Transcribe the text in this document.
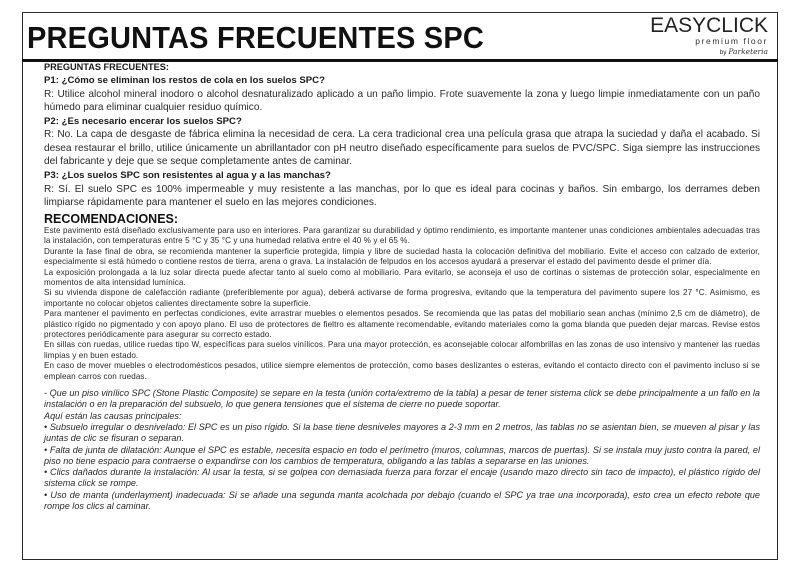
PREGUNTAS FRECUENTES SPC	EASYCLICK
premium floor
by Parketeria

PREGUNTAS FRECUENTES:

P1: ¿Cómo se eliminan los restos de cola en los suelos SPC?

R: Utilice alcohol mineral inodoro o alcohol desnaturalizado aplicado a un paño limpio. Frote suavemente la zona y luego limpie inmediatamente con un paño húmedo para eliminar cualquier residuo químico.

P2: ¿Es necesario encerar los suelos SPC?

R: No. La capa de desgaste de fábrica elimina la necesidad de cera. La cera tradicional crea una película grasa que atrapa la suciedad y daña el acabado. Si desea restaurar el brillo, utilice únicamente un abrillantador con pH neutro diseñado específicamente para suelos de PVC/SPC. Siga siempre las instrucciones del fabricante y deje que se seque completamente antes de caminar.

P3: ¿Los suelos SPC son resistentes al agua y a las manchas?

R: Sí. El suelo SPC es 100% impermeable y muy resistente a las manchas, por lo que es ideal para cocinas y baños. Sin embargo, los derrames deben limpiarse rápidamente para mantener el suelo en las mejores condiciones.

RECOMENDACIONES:

Este pavimento está diseñado exclusivamente para uso en interiores. Para garantizar su durabilidad y óptimo rendimiento, es importante mantener unas condiciones ambientales adecuadas tras la instalación, con temperaturas entre 5 °C y 35 °C y una humedad relativa entre el 40 % y el 65 %.

Durante la fase final de obra, se recomienda mantener la superficie protegida, limpia y libre de suciedad hasta la colocación definitiva del mobiliario. Evite el acceso con calzado de exterior, especialmente si está húmedo o contiene restos de tierra, arena o grava. La instalación de felpudos en los accesos ayudará a preservar el estado del pavimento desde el primer día.

La exposición prolongada a la luz solar directa puede afectar tanto al suelo como al mobiliario. Para evitarlo, se aconseja el uso de cortinas o sistemas de protección solar, especialmente en momentos de alta intensidad lumínica.

Si su vivienda dispone de calefacción radiante (preferiblemente por agua), deberá activarse de forma progresiva, evitando que la temperatura del pavimento supere los 27 °C. Asimismo, es importante no colocar objetos calientes directamente sobre la superficie.

Para mantener el pavimento en perfectas condiciones, evite arrastrar muebles o elementos pesados. Se recomienda que las patas del mobiliario sean anchas (mínimo 2,5 cm de diámetro), de plástico rígido no pigmentado y con apoyo plano. El uso de protectores de fieltro es altamente recomendable, evitando materiales como la goma blanda que pueden dejar marcas. Revise estos protectores periódicamente para asegurar su correcto estado.

En sillas con ruedas, utilice ruedas tipo W, específicas para suelos vinílicos. Para una mayor protección, es aconsejable colocar alfombrillas en las zonas de uso intensivo y mantener las ruedas limpias y en buen estado.

En caso de mover muebles o electrodomésticos pesados, utilice siempre elementos de protección, como bases deslizantes o esteras, evitando el contacto directo con el pavimento incluso si se emplean carros con ruedas.

- Que un piso vinílico SPC (Stone Plastic Composite) se separe en la testa (unión corta/extremo de la tabla) a pesar de tener sistema click se debe principalmente a un fallo en la instalación o en la preparación del subsuelo, lo que genera tensiones que el sistema de cierre no puede soportar.

Aquí están las causas principales:

• Subsuelo irregular o desnivelado: El SPC es un piso rígido. Si la base tiene desniveles mayores a 2-3 mm en 2 metros, las tablas no se asientan bien, se mueven al pisar y las juntas de clic se fisuran o separan.

• Falta de junta de dilatación: Aunque el SPC es estable, necesita espacio en todo el perímetro (muros, columnas, marcos de puertas). Si se instala muy justo contra la pared, el piso no tiene espacio para contraerse o expandirse con los cambios de temperatura, obligando a las tablas a separarse en las uniones.

• Clics dañados durante la instalación: Al usar la testa, si se golpea con demasiada fuerza para forzar el encaje (usando mazo directo sin taco de impacto), el plástico rígido del sistema click se rompe.

• Uso de manta (underlayment) inadecuada: Si se añade una segunda manta acolchada por debajo (cuando el SPC ya trae una incorporada), esto crea un efecto rebote que rompe los clics al caminar.
